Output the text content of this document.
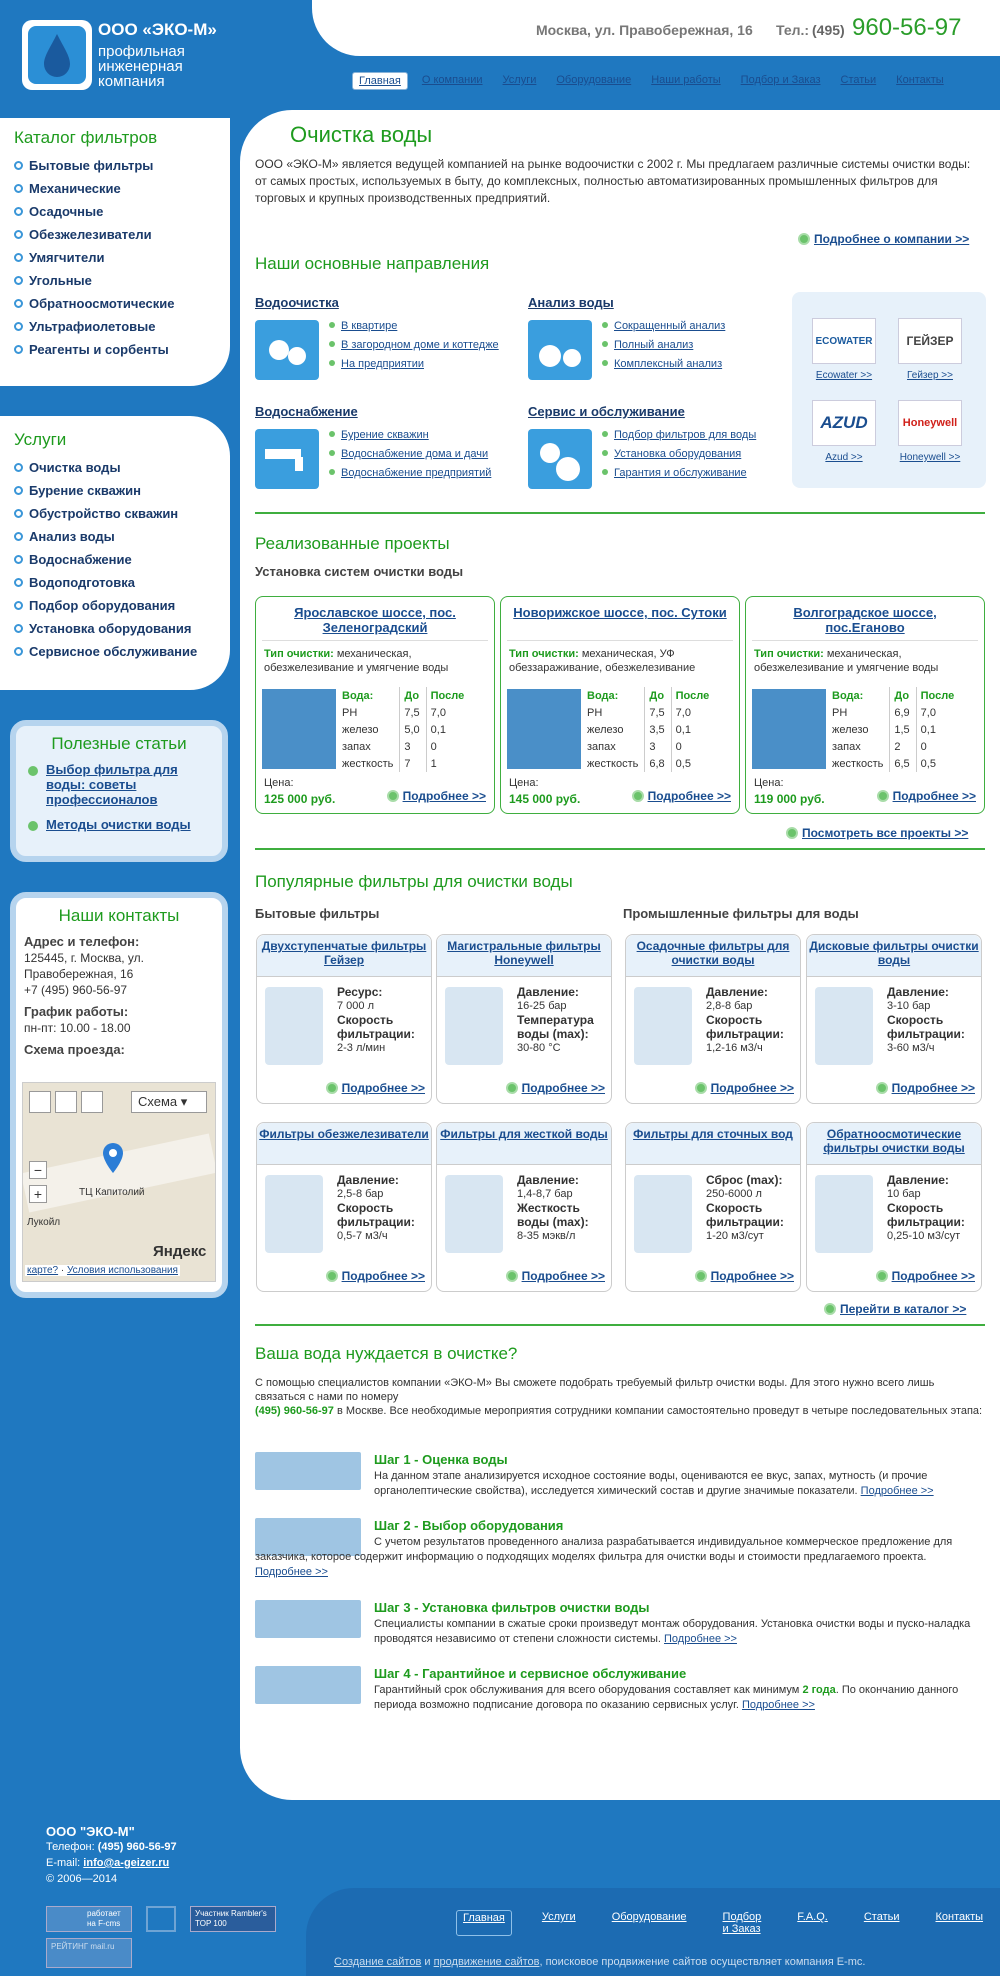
ООО «ЭКО-М»
профильная инженерная компания
Москва, ул. Правобережная, 16 Тел.: (495) 960-56-97
Главная	О компании	Услуги	Оборудование	Наши работы	Подбор и Заказ	Статьи	Контакты
Каталог фильтров
Бытовые фильтры
Механические
Осадочные
Обезжелезиватели
Умягчители
Угольные
Обратноосмотические
Ультрафиолетовые
Реагенты и сорбенты
Услуги
Очистка воды
Бурение скважин
Обустройство скважин
Анализ воды
Водоснабжение
Водоподготовка
Подбор оборудования
Установка оборудования
Сервисное обслуживание
Полезные статьи
Выбор фильтра для воды: советы профессионалов
Методы очистки воды
Наши контакты
Адрес и телефон:
125445, г. Москва, ул. Правобережная, 16
+7 (495) 960-56-97
График работы:
пн-пт: 10.00 - 18.00
Схема проезда:
Схема ▾
−
+	ТЦ Капитолий
Лукойл
Яндекс
карте? · Условия использования
Очистка воды
ООО «ЭКО-М» является ведущей компанией на рынке водоочистки с 2002 г. Мы предлагаем различные системы очистки воды: от самых простых, используемых в быту, до комплексных, полностью автоматизированных промышленных фильтров для торговых и крупных производственных предприятий.
Подробнее о компании >>
Наши основные направления
Водоочистка
В квартире
В загородном доме и коттедже
На предприятии
Анализ воды
Сокращенный анализ
Полный анализ
Комплексный анализ
Водоснабжение
Бурение скважин
Водоснабжение дома и дачи
Водоснабжение предприятий
Сервис и обслуживание
Подбор фильтров для воды
Установка оборудования
Гарантия и обслуживание
ECOWATER
Ecowater >>
ГЕЙЗЕР
Гейзер >>
AZUD
Azud >>
Honeywell
Honeywell >>
Реализованные проекты
Установка систем очистки воды
Ярославское шоссе, пос. Зеленоградский
Тип очистки: механическая, обезжелезивание и умягчение воды
Вода:	До	После
PH	7,5	7,0
железо	5,0	0,1
запах	3	0
жесткость	7	1
Цена:
125 000 руб.	Подробнее >>
Новорижское шоссе, пос. Сутоки
Тип очистки: механическая, УФ обеззараживание, обезжелезивание
Вода:	До	После
PH	7,5	7,0
железо	3,5	0,1
запах	3	0
жесткость	6,8	0,5
Цена:
145 000 руб.	Подробнее >>
Волгоградское шоссе, пос.Еганово
Тип очистки: механическая, обезжелезивание и умягчение воды
Вода:	До	После
PH	6,9	7,0
железо	1,5	0,1
запах	2	0
жесткость	6,5	0,5
Цена:
119 000 руб.	Подробнее >>
Посмотреть все проекты >>
Популярные фильтры для очистки воды
Бытовые фильтры	Промышленные фильтры для воды
Двухступенчатые фильтры Гейзер
Ресурс:
7 000 л
Скорость фильтрации:
2-3 л/мин
Подробнее >>
Магистральные фильтры Honeywell
Давление:
16-25 бар
Температура воды (max):
30-80 °С
Подробнее >>
Осадочные фильтры для очистки воды
Давление:
2,8-8 бар
Скорость фильтрации:
1,2-16 м3/ч
Подробнее >>
Дисковые фильтры очистки воды
Давление:
3-10 бар
Скорость фильтрации:
3-60 м3/ч
Подробнее >>
Фильтры обезжелезиватели
Давление:
2,5-8 бар
Скорость фильтрации:
0,5-7 м3/ч
Подробнее >>
Фильтры для жесткой воды
Давление:
1,4-8,7 бар
Жесткость воды (max):
8-35 мэкв/л
Подробнее >>
Фильтры для сточных вод
Сброс (max):
250-6000 л
Скорость фильтрации:
1-20 м3/сут
Подробнее >>
Обратноосмотические фильтры очистки воды
Давление:
10 бар
Скорость фильтрации:
0,25-10 м3/сут
Подробнее >>
Перейти в каталог >>
Ваша вода нуждается в очистке?
С помощью специалистов компании «ЭКО-М» Вы сможете подобрать требуемый фильтр очистки воды. Для этого нужно всего лишь связаться с нами по номеру
(495) 960-56-97 в Москве. Все необходимые мероприятия сотрудники компании самостоятельно проведут в четыре последовательных этапа:
Шаг 1 - Оценка воды
На данном этапе анализируется исходное состояние воды, оцениваются ее вкус, запах, мутность (и прочие органолептические свойства), исследуется химический состав и другие значимые показатели. Подробнее >>
Шаг 2 - Выбор оборудования
С учетом результатов проведенного анализа разрабатывается индивидуальное коммерческое предложение для заказчика, которое содержит информацию о подходящих моделях фильтра для очистки воды и стоимости предлагаемого проекта. Подробнее >>
Шаг 3 - Установка фильтров очистки воды
Специалисты компании в сжатые сроки произведут монтаж оборудования. Установка очистки воды и пуско-наладка проводятся независимо от степени сложности системы. Подробнее >>
Шаг 4 - Гарантийное и сервисное обслуживание
Гарантийный срок обслуживания для всего оборудования составляет как минимум 2 года. По окончанию данного периода возможно подписание договора по оказанию сервисных услуг. Подробнее >>
ООО "ЭКО-М"
Телефон: (495) 960-56-97
E-mail: info@a-geizer.ru
© 2006—2014
работает на F-cms
Участник Rambler's TOP 100
РЕЙТИНГ mail.ru
Главная	Услуги	Оборудование	Подбор и Заказ
F.A.Q.	Статьи	Контакты
Создание сайтов и продвижение сайтов, поисковое продвижение сайтов осуществляет компания E-mc.
